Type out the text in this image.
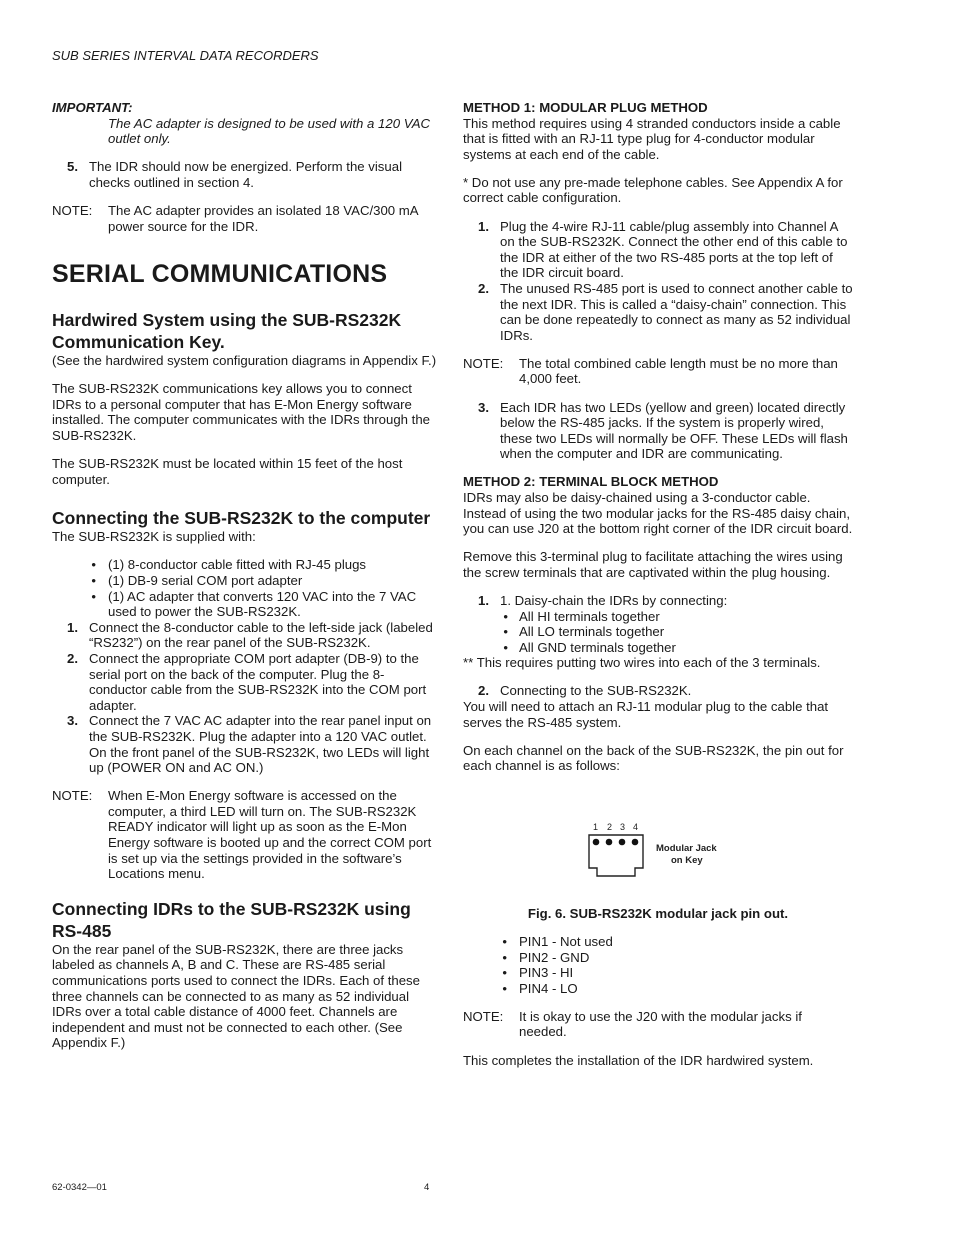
SUB SERIES INTERVAL DATA RECORDERS

IMPORTANT:

The AC adapter is designed to be used with a 120 VAC outlet only.

5. The IDR should now be energized. Perform the visual checks outlined in section 4.
NOTE:	The AC adapter provides an isolated 18 VAC/300 mA power source for the IDR.
SERIAL COMMUNICATIONS
Hardwired System using the SUB-RS232K Communication Key.

(See the hardwired system configuration diagrams in Appendix F.)

The SUB-RS232K communications key allows you to connect IDRs to a personal computer that has E-Mon Energy software installed. The computer communicates with the IDRs through the SUB-RS232K.

The SUB-RS232K must be located within 15 feet of the host computer.

Connecting the SUB-RS232K to the computer

The SUB-RS232K is supplied with:

• (1) 8-conductor cable fitted with RJ-45 plugs
• (1) DB-9 serial COM port adapter
• (1) AC adapter that converts 120 VAC into the 7 VAC used to power the SUB-RS232K.
1. Connect the 8-conductor cable to the left-side jack (labeled “RS232”) on the rear panel of the SUB-RS232K.
2. Connect the appropriate COM port adapter (DB-9) to the serial port on the back of the computer. Plug the 8-conductor cable from the SUB-RS232K into the COM port adapter.
3. Connect the 7 VAC AC adapter into the rear panel input on the SUB-RS232K. Plug the adapter into a 120 VAC outlet. On the front panel of the SUB-RS232K, two LEDs will light up (POWER ON and AC ON.)
NOTE:	When E-Mon Energy software is accessed on the computer, a third LED will turn on. The SUB-RS232K READY indicator will light up as soon as the E-Mon Energy software is booted up and the correct COM port is set up via the settings provided in the software’s Locations menu.
Connecting IDRs to the SUB-RS232K using RS-485

On the rear panel of the SUB-RS232K, there are three jacks labeled as channels A, B and C. These are RS-485 serial communications ports used to connect the IDRs. Each of these three channels can be connected to as many as 52 individual IDRs over a total cable distance of 4000 feet. Channels are independent and must not be connected to each other. (See Appendix F.)

METHOD 1: MODULAR PLUG METHOD

This method requires using 4 stranded conductors inside a cable that is fitted with an RJ-11 type plug for 4-conductor modular systems at each end of the cable.

* Do not use any pre-made telephone cables. See Appendix A for correct cable configuration.

1. Plug the 4-wire RJ-11 cable/plug assembly into Channel A on the SUB-RS232K. Connect the other end of this cable to the IDR at either of the two RS-485 ports at the top left of the IDR circuit board.
2. The unused RS-485 port is used to connect another cable to the next IDR. This is called a “daisy-chain” connection. This can be done repeatedly to connect as many as 52 individual IDRs.
NOTE:	The total combined cable length must be no more than 4,000 feet.
3. Each IDR has two LEDs (yellow and green) located directly below the RS-485 jacks. If the system is properly wired, these two LEDs will normally be OFF. These LEDs will flash when the computer and IDR are communicating.
METHOD 2: TERMINAL BLOCK METHOD

IDRs may also be daisy-chained using a 3-conductor cable. Instead of using the two modular jacks for the RS-485 daisy chain, you can use J20 at the bottom right corner of the IDR circuit board.

Remove this 3-terminal plug to facilitate attaching the wires using the screw terminals that are captivated within the plug housing.

1. 1. Daisy-chain the IDRs by connecting:
• All HI terminals together
• All LO terminals together
• All GND terminals together

** This requires putting two wires into each of the 3 terminals.

2. Connecting to the SUB-RS232K.

You will need to attach an RJ-11 modular plug to the cable that serves the RS-485 system.

On each channel on the back of the SUB-RS232K, the pin out for each channel is as follows:

1 2 3 4
Modular Jack
on Key

Fig. 6. SUB-RS232K modular jack pin out.

• PIN1 - Not used
• PIN2 - GND
• PIN3 - HI
• PIN4 - LO
NOTE:	It is okay to use the J20 with the modular jacks if needed.

This completes the installation of the IDR hardwired system.

62-0342—01	4
